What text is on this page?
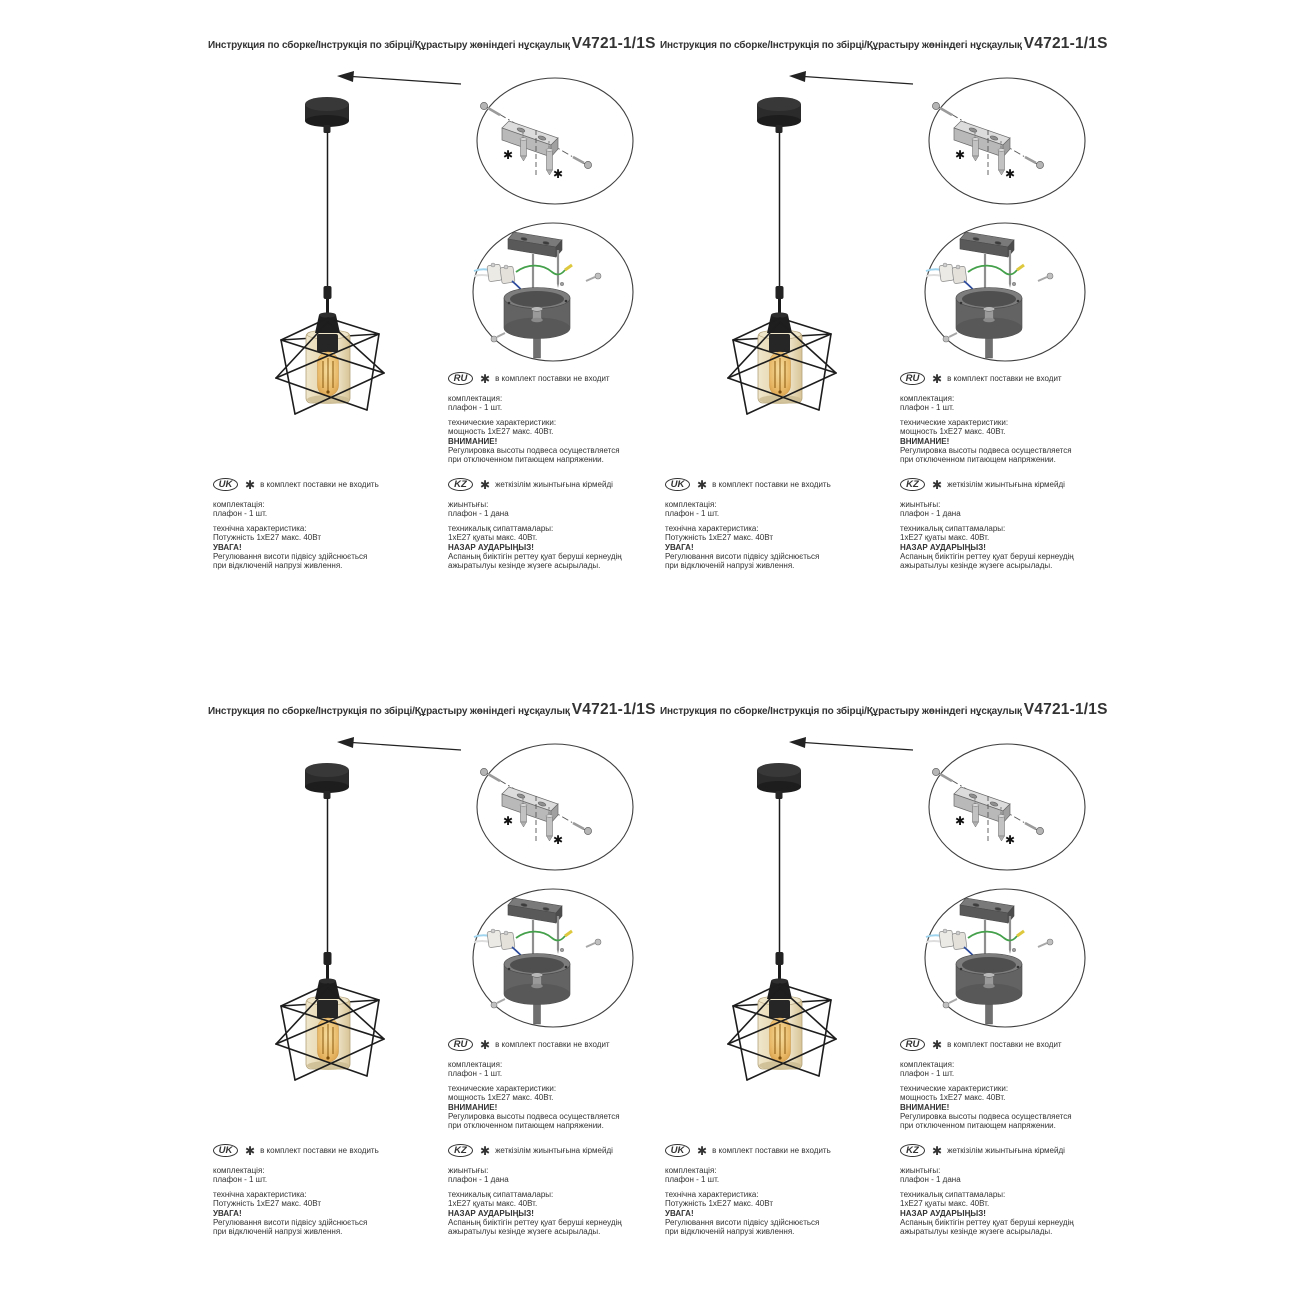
Инструкция по сборке/Інструкція по збірці/Құрастыру жөніндегі нұсқаулық V4721-1/1S
✱
✱
RU	✱ в комплект поставки не входит
комплектация:
плафон - 1 шт.
технические характеристики:
мощность 1хЕ27 макс. 40Вт.
ВНИМАНИЕ!
Регулировка высоты подвеса осуществляется
при отключенном питающем напряжении.
UK	✱ в комплект поставки не входить
комплектація:
плафон - 1 шт.
технічна характеристика:
Потужність 1хЕ27 макс. 40Вт
УВАГА!
Регулювання висоти підвісу здійснюється
при відключеній напрузі живлення.
KZ	✱ жеткізілім жиынтығына кірмейді
жиынтығы:
плафон - 1 дана
техникалық сипаттамалары:
1хЕ27 қуаты макс. 40Вт.
НАЗАР АУДАРЫҢЫЗ!
Аспаның биіктігін реттеу қуат беруші кернеудің
ажыратылуы кезінде жүзеге асырылады.
Инструкция по сборке/Інструкція по збірці/Құрастыру жөніндегі нұсқаулық V4721-1/1S
✱
✱
RU	✱ в комплект поставки не входит
комплектация:
плафон - 1 шт.
технические характеристики:
мощность 1хЕ27 макс. 40Вт.
ВНИМАНИЕ!
Регулировка высоты подвеса осуществляется
при отключенном питающем напряжении.
UK	✱ в комплект поставки не входить
комплектація:
плафон - 1 шт.
технічна характеристика:
Потужність 1хЕ27 макс. 40Вт
УВАГА!
Регулювання висоти підвісу здійснюється
при відключеній напрузі живлення.
KZ	✱ жеткізілім жиынтығына кірмейді
жиынтығы:
плафон - 1 дана
техникалық сипаттамалары:
1хЕ27 қуаты макс. 40Вт.
НАЗАР АУДАРЫҢЫЗ!
Аспаның биіктігін реттеу қуат беруші кернеудің
ажыратылуы кезінде жүзеге асырылады.
Инструкция по сборке/Інструкція по збірці/Құрастыру жөніндегі нұсқаулық V4721-1/1S
✱
✱
RU	✱ в комплект поставки не входит
комплектация:
плафон - 1 шт.
технические характеристики:
мощность 1хЕ27 макс. 40Вт.
ВНИМАНИЕ!
Регулировка высоты подвеса осуществляется
при отключенном питающем напряжении.
UK	✱ в комплект поставки не входить
комплектація:
плафон - 1 шт.
технічна характеристика:
Потужність 1хЕ27 макс. 40Вт
УВАГА!
Регулювання висоти підвісу здійснюється
при відключеній напрузі живлення.
KZ	✱ жеткізілім жиынтығына кірмейді
жиынтығы:
плафон - 1 дана
техникалық сипаттамалары:
1хЕ27 қуаты макс. 40Вт.
НАЗАР АУДАРЫҢЫЗ!
Аспаның биіктігін реттеу қуат беруші кернеудің
ажыратылуы кезінде жүзеге асырылады.
Инструкция по сборке/Інструкція по збірці/Құрастыру жөніндегі нұсқаулық V4721-1/1S
✱
✱
RU	✱ в комплект поставки не входит
комплектация:
плафон - 1 шт.
технические характеристики:
мощность 1хЕ27 макс. 40Вт.
ВНИМАНИЕ!
Регулировка высоты подвеса осуществляется
при отключенном питающем напряжении.
UK	✱ в комплект поставки не входить
комплектація:
плафон - 1 шт.
технічна характеристика:
Потужність 1хЕ27 макс. 40Вт
УВАГА!
Регулювання висоти підвісу здійснюється
при відключеній напрузі живлення.
KZ	✱ жеткізілім жиынтығына кірмейді
жиынтығы:
плафон - 1 дана
техникалық сипаттамалары:
1хЕ27 қуаты макс. 40Вт.
НАЗАР АУДАРЫҢЫЗ!
Аспаның биіктігін реттеу қуат беруші кернеудің
ажыратылуы кезінде жүзеге асырылады.
